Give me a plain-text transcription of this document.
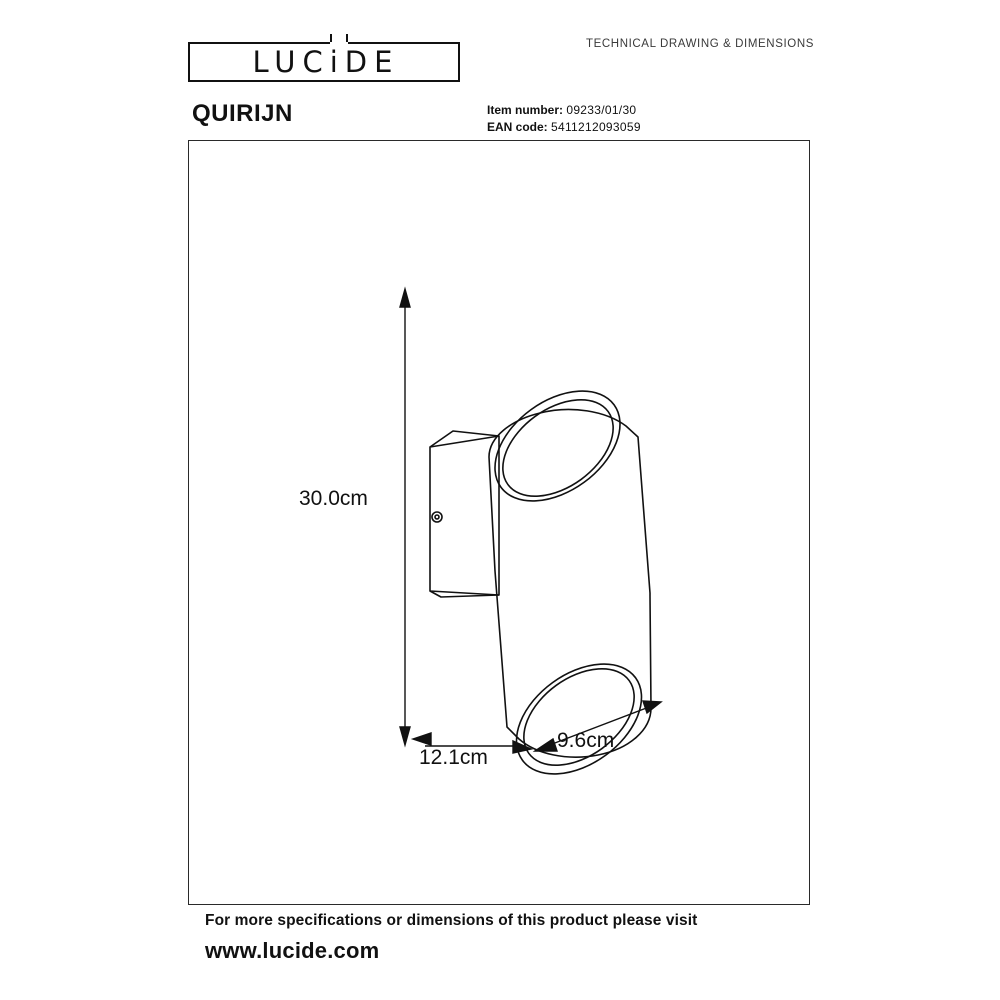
LUCiDE
TECHNICAL DRAWING & DIMENSIONS
QUIRIJN	Item number: 09233/01/30
EAN code: 5411212093059
30.0cm
12.1cm
9.6cm
For more specifications or dimensions of this product please visit
www.lucide.com
